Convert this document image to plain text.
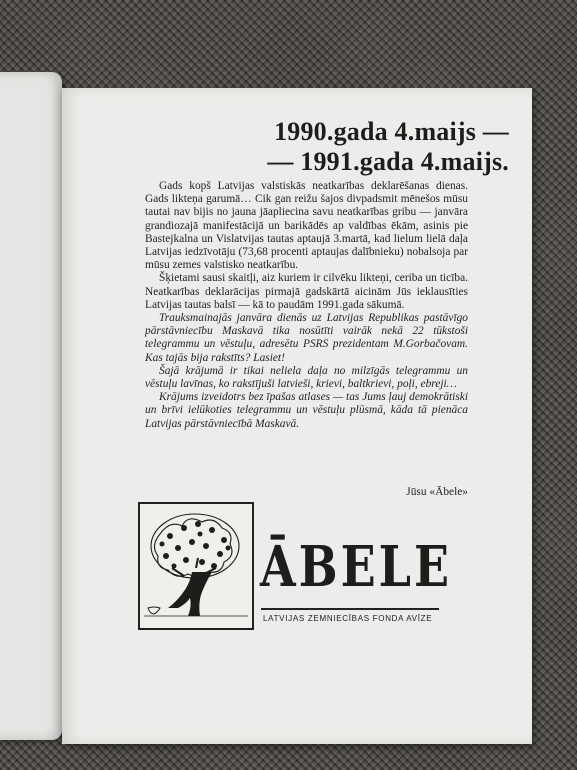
1990.gada 4.maijs —
— 1991.gada 4.maijs.

Gads kopš Latvijas valstiskās neatkarības deklarēšanas dienas. Gads likteņa garumā… Cik gan reižu šajos divpadsmit mēnešos mūsu tautai nav bijis no jauna jāapliecina savu neatkarības gribu — janvāra grandiozajā manifestācijā un barikādēs ap valdības ēkām, asinis pie Bastejkalna un Vislatvijas tautas aptaujā 3.martā, kad lielum lielā daļa Latvijas iedzīvotāju (73,68 procenti aptaujas dalībnieku) nobalsoja par mūsu zemes valstisko neatkarību.

Šķietami sausi skaitļi, aiz kuriem ir cilvēku likteņi, ceriba un ticība. Neatkarības deklarācijas pirmajā gadskārtā aicinām Jūs ieklausīties Latvijas tautas balsī — kā to paudām 1991.gada sākumā.

Trauksmainajās janvāra dienās uz Latvijas Republikas pastāvīgo pārstāvniecību Maskavā tika nosūtīti vairāk nekā 22 tūkstoši telegrammu un vēstuļu, adresētu PSRS prezidentam M.Gorbačovam. Kas tajās bija rakstīts? Lasiet!

Šajā krājumā ir tikai neliela daļa no milzīgās telegrammu un vēstuļu lavīnas, ko rakstījuši latvieši, krievi, baltkrievi, poļi, ebreji…

Krājums izveidotrs bez īpašas atlases — tas Jums ļauj demokrātiski un brīvi ielūkoties telegrammu un vēstuļu plūsmā, kāda tā pienāca Latvijas pārstāvniecībā Maskavā.

Jūsu «Ābele»

ĀBELE

LATVIJAS ZEMNIECĪBAS FONDA AVĪZE
